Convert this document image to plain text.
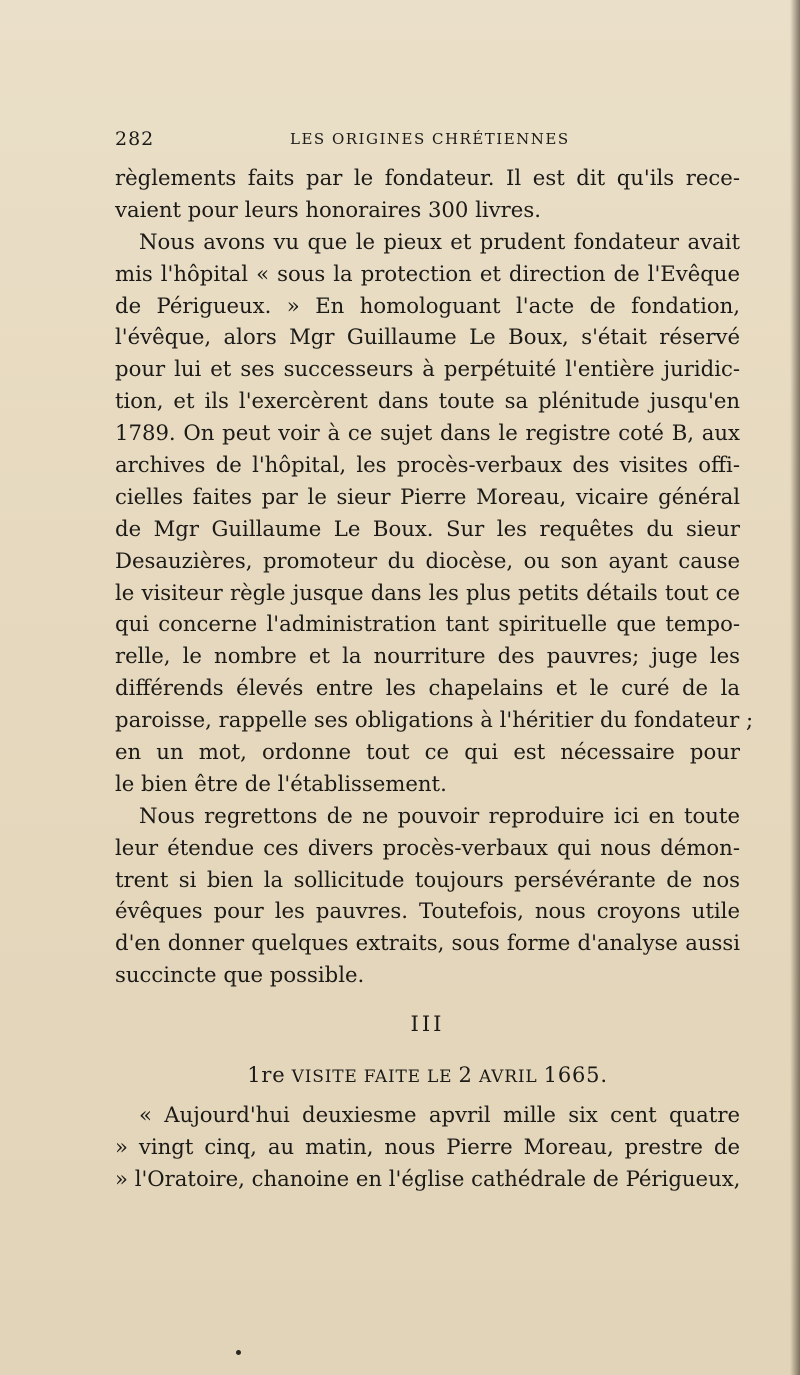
282	LES ORIGINES CHRÉTIENNES

règlements faits par le fondateur. Il est dit qu'ils rece-
vaient pour leurs honoraires 300 livres.

Nous avons vu que le pieux et prudent fondateur avait
mis l'hôpital « sous la protection et direction de l'Evêque
de Périgueux. » En homologuant l'acte de fondation,
l'évêque, alors Mgr Guillaume Le Boux, s'était réservé
pour lui et ses successeurs à perpétuité l'entière juridic-
tion, et ils l'exercèrent dans toute sa plénitude jusqu'en
1789. On peut voir à ce sujet dans le registre coté B, aux
archives de l'hôpital, les procès-verbaux des visites offi-
cielles faites par le sieur Pierre Moreau, vicaire général
de Mgr Guillaume Le Boux. Sur les requêtes du sieur
Desauzières, promoteur du diocèse, ou son ayant cause
le visiteur règle jusque dans les plus petits détails tout ce
qui concerne l'administration tant spirituelle que tempo-
relle, le nombre et la nourriture des pauvres; juge les
différends élevés entre les chapelains et le curé de la
paroisse, rappelle ses obligations à l'héritier du fondateur ;
en un mot, ordonne tout ce qui est nécessaire pour
le bien être de l'établissement.

Nous regrettons de ne pouvoir reproduire ici en toute
leur étendue ces divers procès-verbaux qui nous démon-
trent si bien la sollicitude toujours persévérante de nos
évêques pour les pauvres. Toutefois, nous croyons utile
d'en donner quelques extraits, sous forme d'analyse aussi
succincte que possible.

III
1re VISITE FAITE LE 2 AVRIL 1665.

« Aujourd'hui deuxiesme apvril mille six cent quatre
» vingt cinq, au matin, nous Pierre Moreau, prestre de
» l'Oratoire, chanoine en l'église cathédrale de Périgueux,
